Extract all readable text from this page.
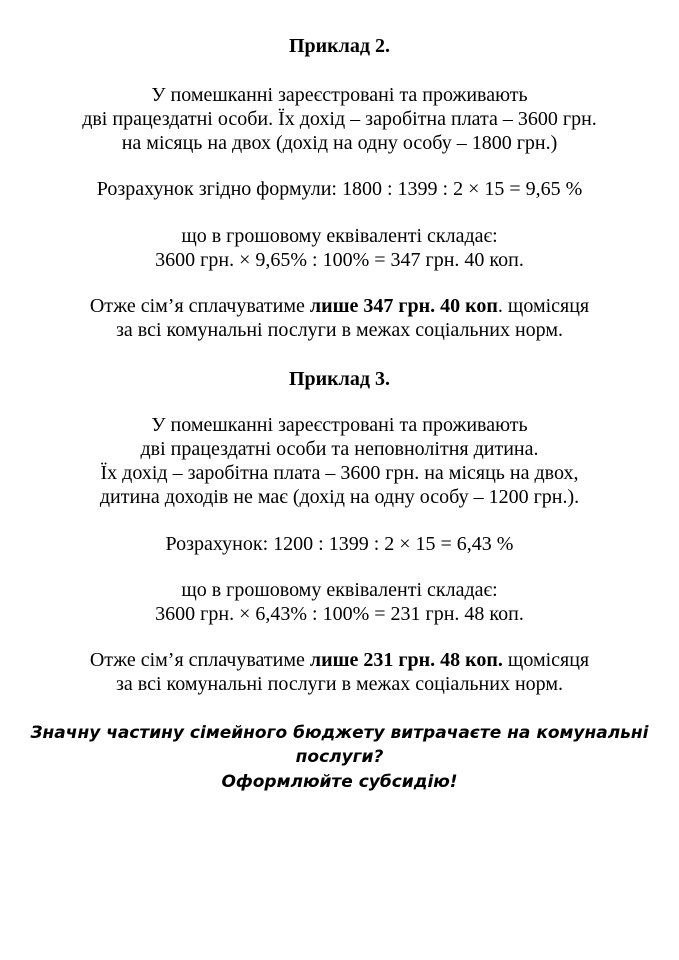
Приклад 2.
У помешканні зареєстровані та проживають
дві працездатні особи. Їх дохід – заробітна плата – 3600 грн.
на місяць на двох (дохід на одну особу – 1800 грн.)
Розрахунок згідно формули: 1800 : 1399 : 2 × 15 = 9,65 %
що в грошовому еквіваленті складає:
3600 грн. × 9,65% : 100% = 347 грн. 40 коп.
Отже сім’я сплачуватиме лише 347 грн. 40 коп. щомісяця
за всі комунальні послуги в межах соціальних норм.
Приклад 3.
У помешканні зареєстровані та проживають
дві працездатні особи та неповнолітня дитина.
Їх дохід – заробітна плата – 3600 грн. на місяць на двох,
дитина доходів не має (дохід на одну особу – 1200 грн.).
Розрахунок: 1200 : 1399 : 2 × 15 = 6,43 %
що в грошовому еквіваленті складає:
3600 грн. × 6,43% : 100% = 231 грн. 48 коп.
Отже сім’я сплачуватиме лише 231 грн. 48 коп. щомісяця
за всі комунальні послуги в межах соціальних норм.
Значну частину сімейного бюджету витрачаєте на комунальні
послуги?
Оформлюйте субсидію!
